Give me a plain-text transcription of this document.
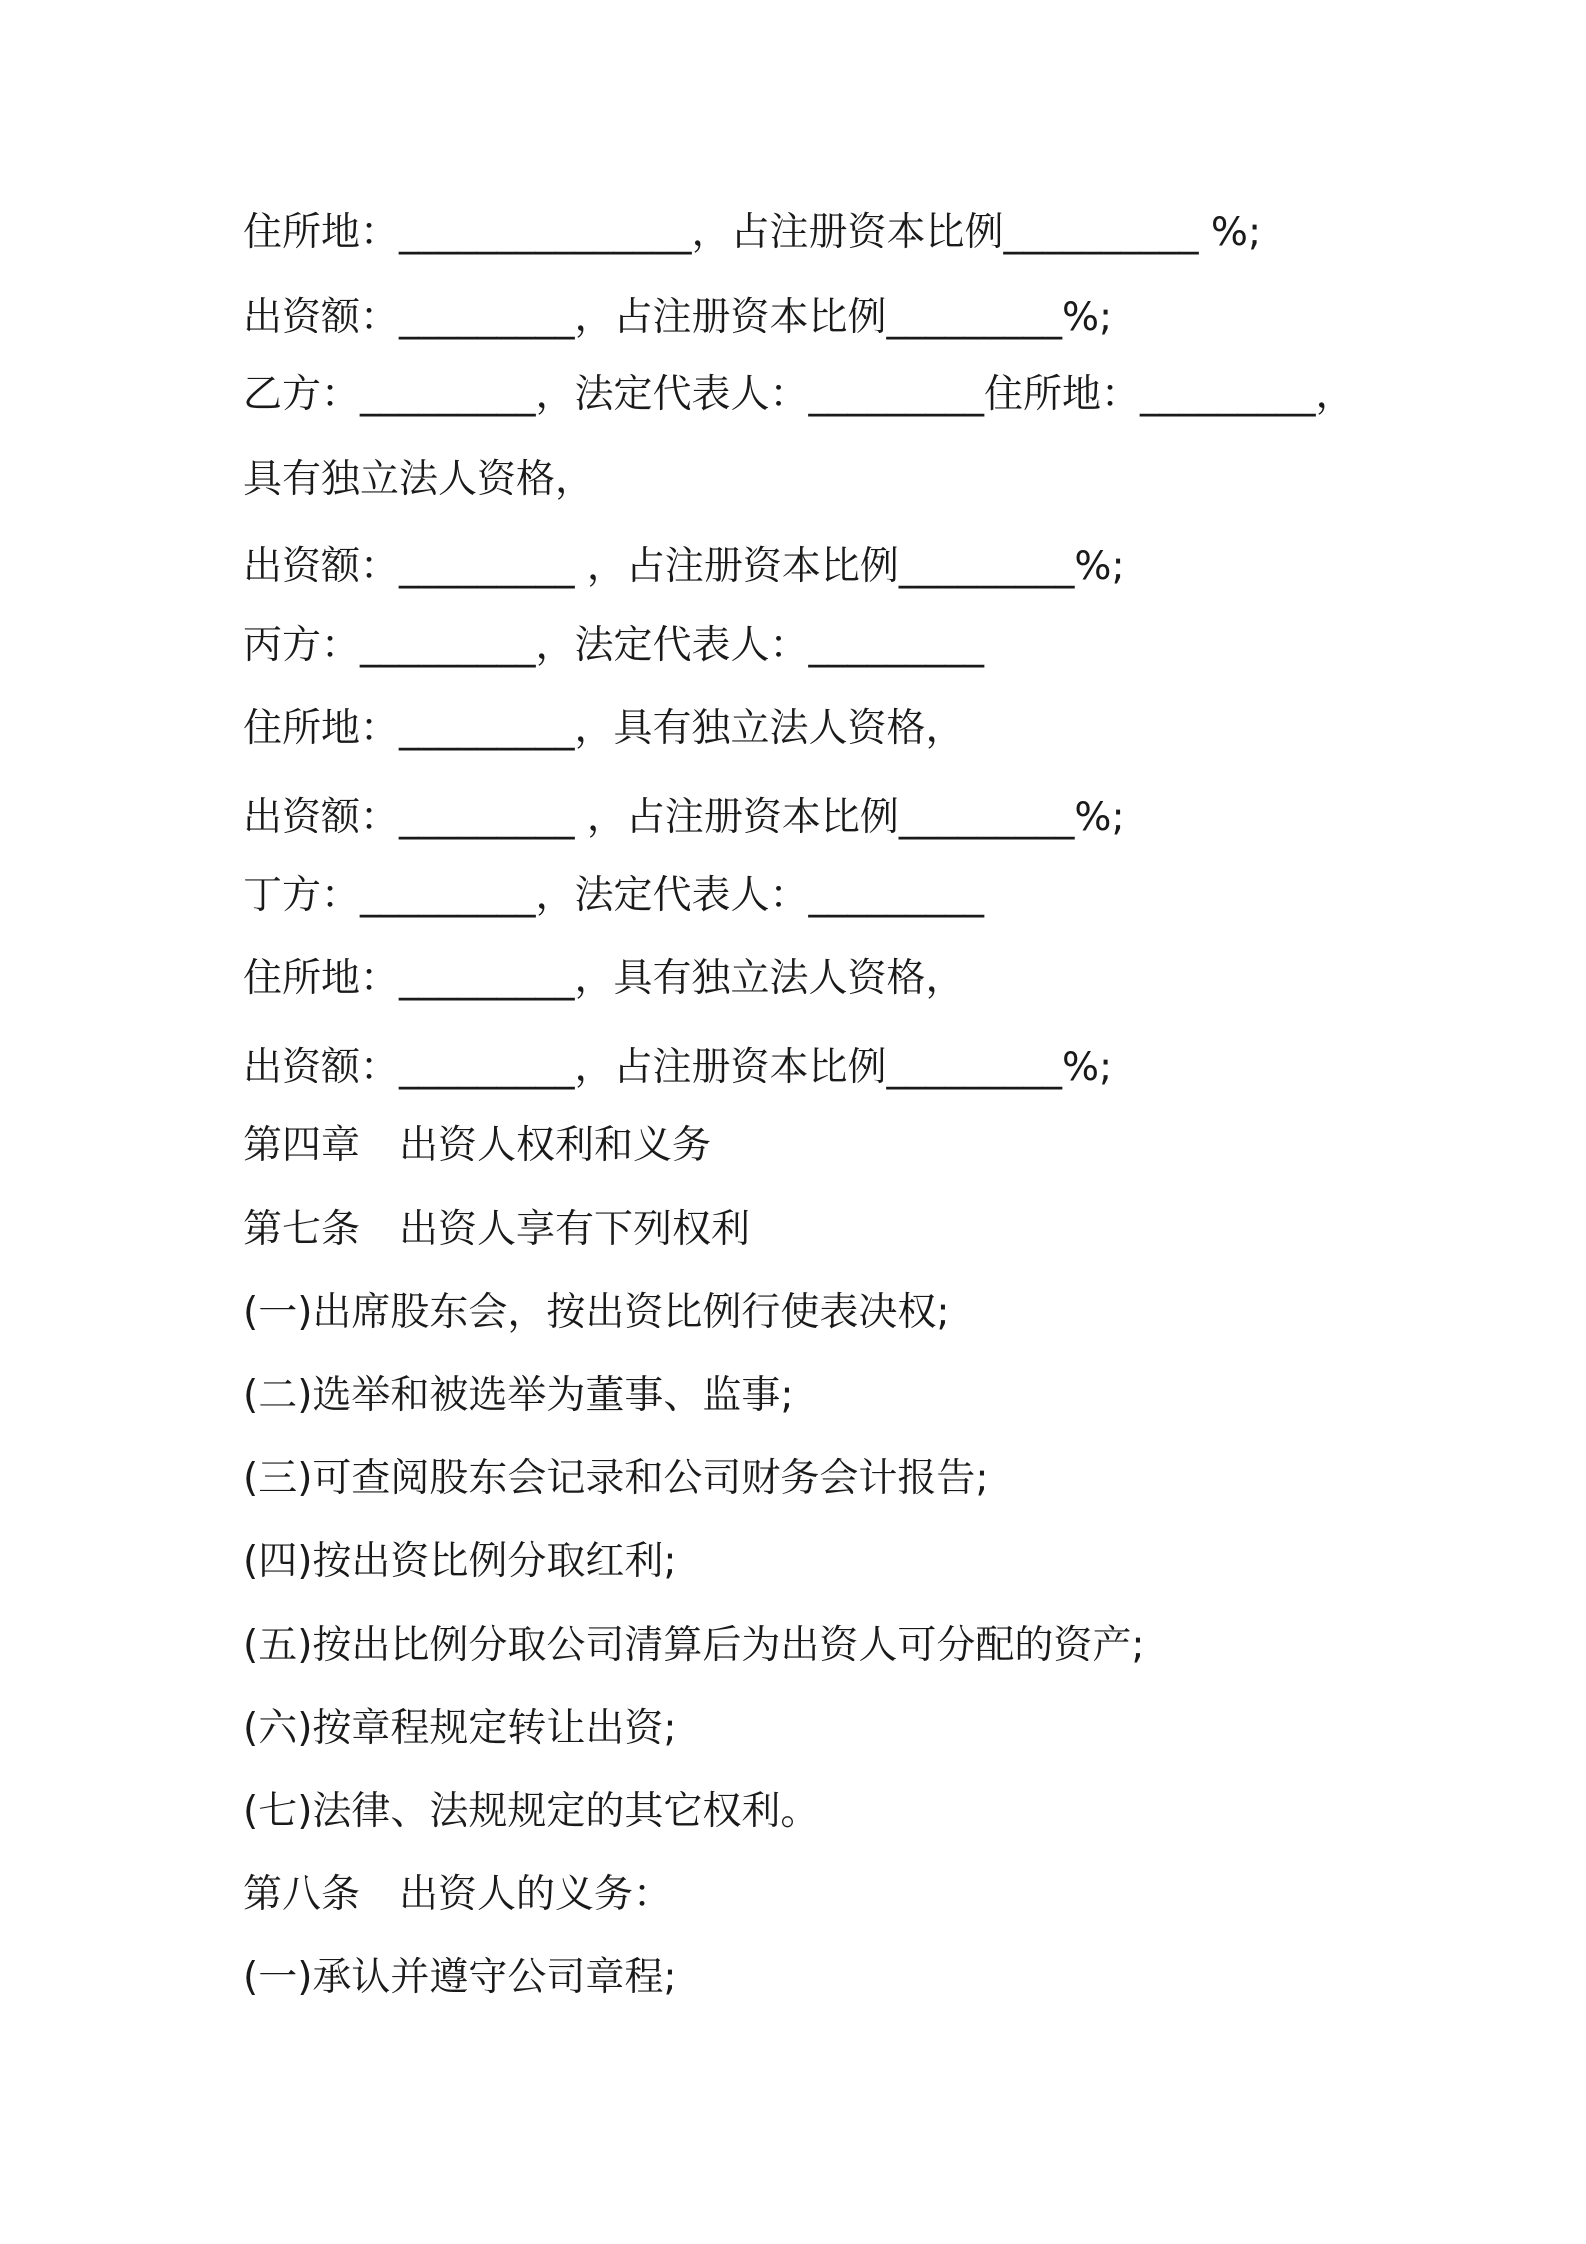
住所地：_______________，占注册资本比例__________ %;

出资额：_________，占注册资本比例_________%;

乙方：_________，法定代表人：_________住所地：_________，

具有独立法人资格，

出资额：_________ ，占注册资本比例_________%;

丙方：_________，法定代表人：_________

住所地：_________，具有独立法人资格，

出资额：_________ ，占注册资本比例_________%;

丁方：_________，法定代表人：_________

住所地：_________，具有独立法人资格，

出资额：_________，占注册资本比例_________%;

第四章　出资人权利和义务

第七条　出资人享有下列权利

(一)出席股东会，按出资比例行使表决权;

(二)选举和被选举为董事、监事;

(三)可查阅股东会记录和公司财务会计报告;

(四)按出资比例分取红利;

(五)按出比例分取公司清算后为出资人可分配的资产;

(六)按章程规定转让出资;

(七)法律、法规规定的其它权利。

第八条　出资人的义务：

(一)承认并遵守公司章程;
